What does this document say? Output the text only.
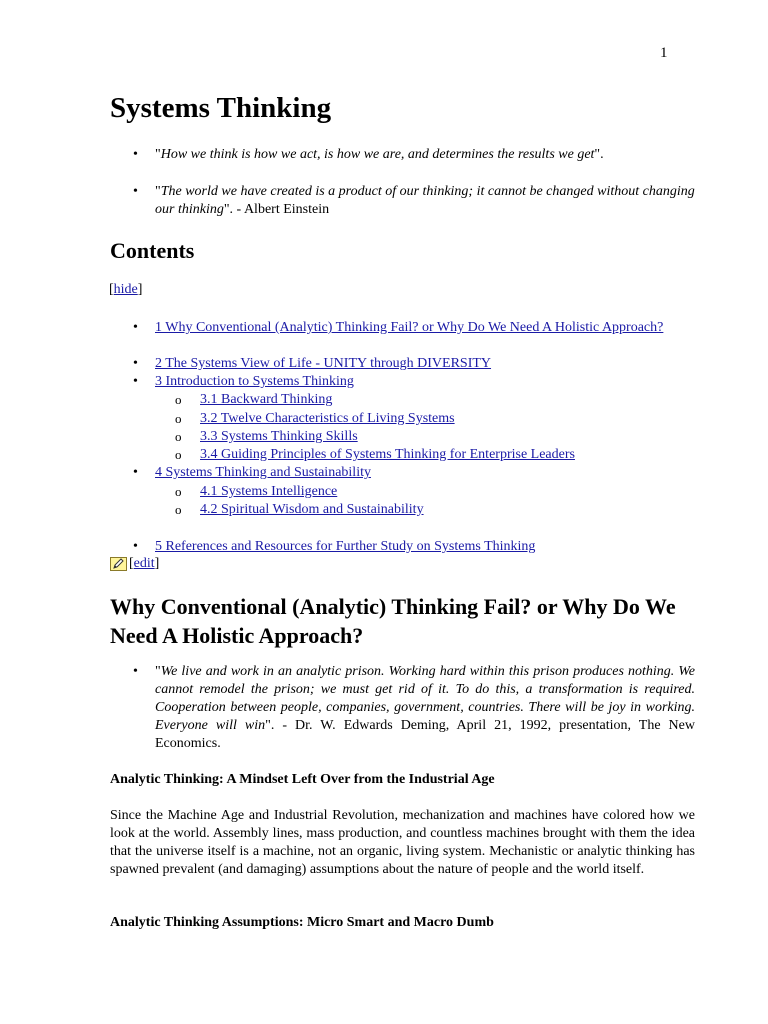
1
Systems Thinking
• "How we think is how we act, is how we are, and determines the results we get".
• "The world we have created is a product of our thinking; it cannot be changed without changing our thinking". - Albert Einstein
Contents
[hide]
• 1 Why Conventional (Analytic) Thinking Fail? or Why Do We Need A Holistic Approach?
• 2 The Systems View of Life - UNITY through DIVERSITY
• 3 Introduction to Systems Thinking
o 3.1 Backward Thinking
o 3.2 Twelve Characteristics of Living Systems
o 3.3 Systems Thinking Skills
o 3.4 Guiding Principles of Systems Thinking for Enterprise Leaders
• 4 Systems Thinking and Sustainability
o 4.1 Systems Intelligence
o 4.2 Spiritual Wisdom and Sustainability
• 5 References and Resources for Further Study on Systems Thinking
[edit]
Why Conventional (Analytic) Thinking Fail? or Why Do We Need A Holistic Approach?
• "We live and work in an analytic prison. Working hard within this prison produces nothing. We cannot remodel the prison; we must get rid of it. To do this, a transformation is required. Cooperation between people, companies, government, countries. There will be joy in working. Everyone will win". - Dr. W. Edwards Deming, April 21, 1992, presentation, The New Economics.
Analytic Thinking: A Mindset Left Over from the Industrial Age
Since the Machine Age and Industrial Revolution, mechanization and machines have colored how we look at the world. Assembly lines, mass production, and countless machines brought with them the idea that the universe itself is a machine, not an organic, living system. Mechanistic or analytic thinking has spawned prevalent (and damaging) assumptions about the nature of people and the world itself.
Analytic Thinking Assumptions: Micro Smart and Macro Dumb
